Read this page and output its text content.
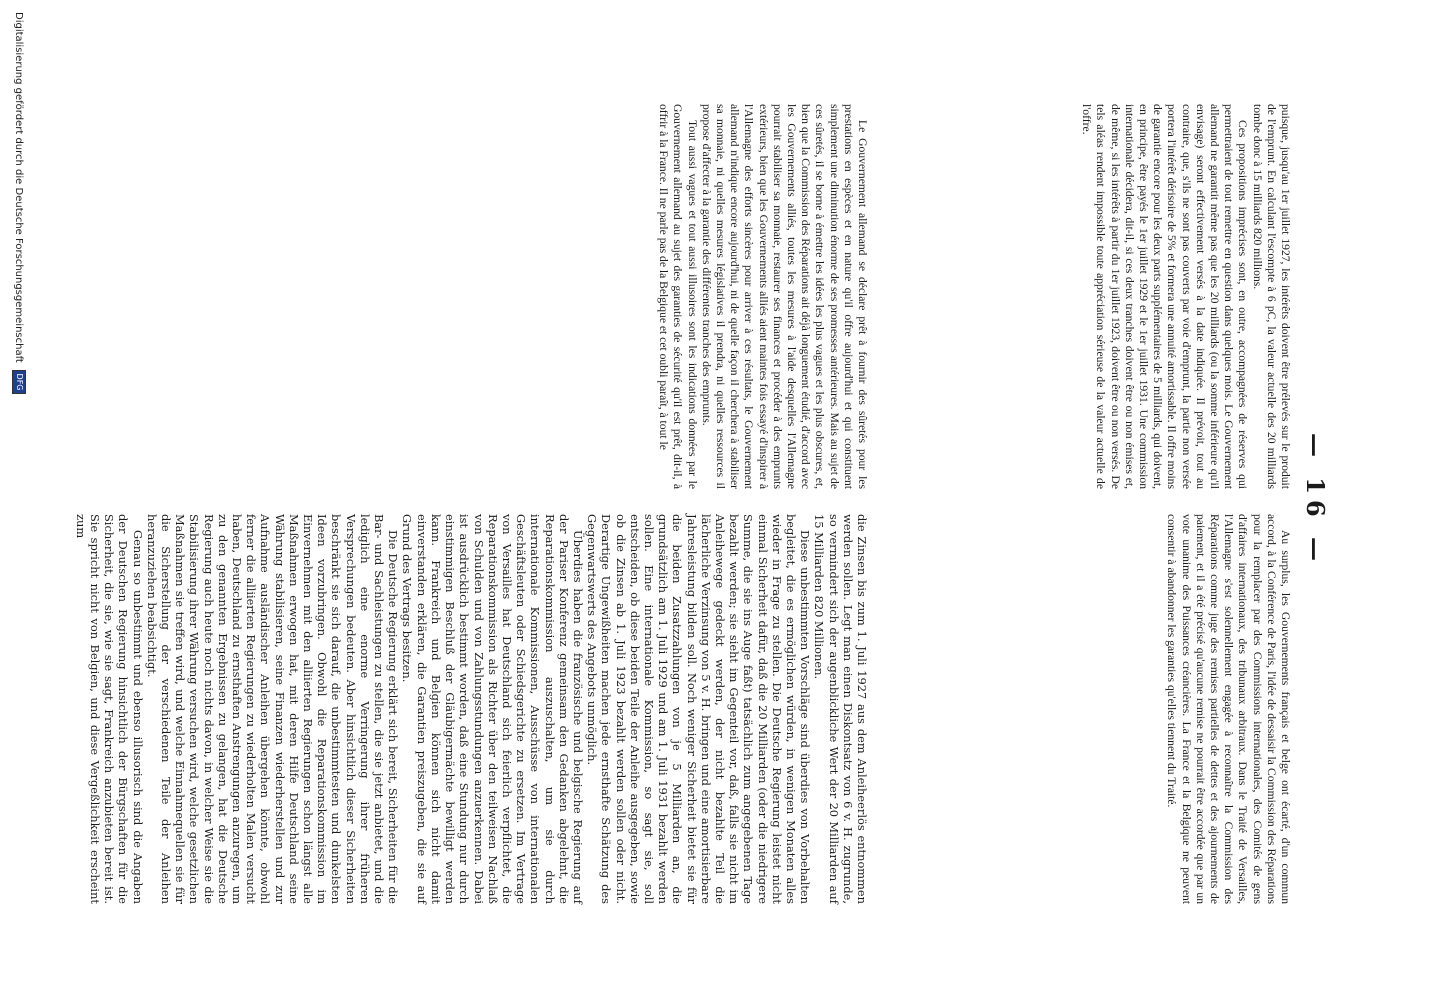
— 16 —

puisque, jusqu'au 1er juillet 1927, les intérêts doivent être prélevés sur le produit de l'emprunt. En calculant l'escompte à 6 pC, la valeur actuelle des 20 milliards tombe donc à 15 milliards 820 millions.

Ces propositions imprécises sont, en outre, accompagnées de réserves qui permettraient de tout remettre en question dans quelques mois. Le Gouvernement allemand ne garantit même pas que les 20 milliards (ou la somme inférieure qu'il envisage) seront effectivement versés à la date indiquée. Il prévoit, tout au contraire, que, s'ils ne sont pas couverts par voie d'emprunt, la partie non versée portera l'intérêt dérisoire de 5% et formera une annuité amortissable. Il offre moins de garantie encore pour les deux parts supplémentaires de 5 milliards, qui doivent, en principe, être payés le 1er juillet 1929 et le 1er juillet 1931. Une commission internationale décidera, dit-il, si ces deux tranches doivent être ou non émises et, de même, si les intérêts à partir du 1er juillet 1923, doivent être ou non versés. De tels aléas rendent impossible toute appréciation sérieuse de la valeur actuelle de l'offre.

Au surplus, les Gouvernements français et belge ont écarté, d'un commun accord, à la Conférence de Paris, l'idée de dessaisir la Commission des Réparations pour la remplacer par des Commissions internationales, des Comités de gens d'affaires internationaux, des tribunaux arbitraux. Dans le Traité de Versailles, l'Allemagne s'est solennellement engagée à reconnaître la Commission des Réparations comme juge des remises partielles de dettes et des ajournements de paiement, et il a été précisé qu'aucune remise ne pourrait être accordée que par un vote unanime des Puissances créancières. La France et la Belgique ne peuvent consentir à abandonner les garanties qu'elles tiennent du Traité.

Le Gouvernement allemand se déclare prêt à fournir des sûretés pour les prestations en espèces et en nature qu'il offre aujourd'hui et qui constituent simplement une diminution énorme de ses promesses antérieures. Mais au sujet de ces sûretés, il se borne à émettre les idées les plus vagues et les plus obscures, et, bien que la Commission des Réparations ait déjà longuement étudié, d'accord avec les Gouvernements alliés, toutes les mesures à l'aide desquelles l'Allemagne pourrait stabiliser sa monnaie, restaurer ses finances et procéder à des emprunts extérieurs, bien que les Gouvernements alliés aient maintes fois essayé d'inspirer à l'Allemagne des efforts sincères pour arriver à ces résultats, le Gouvernement allemand n'indique encore aujourd'hui, ni de quelle façon il cherchera à stabiliser sa monnaie, ni quelles mesures législatives il prendra, ni quelles ressources il propose d'affecter à la garantie des différentes tranches des emprunts.

Tout aussi vagues et tout aussi illusoires sont les indications données par le Gouvernement allemand au sujet des garanties de sécurité qu'il est prêt, dit-il, à offrir à la France. Il ne parle pas de la Belgique et cet oubli paraît, à tout le

die Zinsen bis zum 1. Juli 1927 aus dem Anleiheerlös entnommen werden sollen. Legt man einen Diskontsatz von 6 v. H. zugrunde, so vermindert sich der augenblickliche Wert der 20 Milliarden auf 15 Milliarden 820 Millionen.

Diese unbestimmten Vorschläge sind überdies von Vorbehalten begleitet, die es ermöglichen würden, in wenigen Monaten alles wieder in Frage zu stellen. Die Deutsche Regierung leistet nicht einmal Sicherheit dafür, daß die 20 Milliarden (oder die niedrigere Summe, die sie ins Auge faßt) tatsächlich zum angegebenen Tage bezahlt werden; sie sieht im Gegenteil vor, daß, falls sie nicht im Anleihewege gedeckt werden, der nicht bezahlte Teil die lächerliche Verzinsung von 5 v. H. bringen und eine amortisierbare Jahresleistung bilden soll. Noch weniger Sicherheit bietet sie für die beiden Zusatzzahlungen von je 5 Milliarden an, die grundsätzlich am 1. Juli 1929 und am 1. Juli 1931 bezahlt werden sollen. Eine internationale Kommission, so sagt sie, soll entscheiden, ob diese beiden Teile der Anleihe ausgegeben, sowie ob die Zinsen ab 1. Juli 1923 bezahlt werden sollen oder nicht. Derartige Ungewißheiten machen jede ernsthafte Schätzung des Gegenwartswerts des Angebots unmöglich.

Überdies haben die französische und belgische Regierung auf der Pariser Konferenz gemeinsam den Gedanken abgelehnt, die Reparationskommission auszuschalten, um sie durch internationale Kommissionen, Ausschüsse von internationalen Geschäftsleuten oder Schiedsgerichte zu ersetzen. Im Vertrage von Versailles hat Deutschland sich feierlich verpflichtet, die Reparationskommission als Richter über den teilweisen Nachlaß von Schulden und von Zahlungsstundungen anzuerkennen. Dabei ist ausdrücklich bestimmt worden, daß eine Stundung nur durch einstimmigen Beschluß der Gläubigermächte bewilligt werden kann. Frankreich und Belgien können sich nicht damit einverstanden erklären, die Garantien preiszugeben, die sie auf Grund des Vertrags besitzen.

Die Deutsche Regierung erklärt sich bereit, Sicherheiten für die Bar- und Sachleistungen zu stellen, die sie jetzt anbietet, und die lediglich eine enorme Verringerung ihrer früheren Versprechungen bedeuten. Aber hinsichtlich dieser Sicherheiten beschränkt sie sich darauf, die unbestimmtesten und dunkelsten Ideen vorzubringen. Obwohl die Reparationskommission im Einvernehmen mit den alliierten Regierungen schon längst alle Maßnahmen erwogen hat, mit deren Hilfe Deutschland seine Währung stabilisieren, seine Finanzen wiederherstellen und zur Aufnahme ausländischer Anleihen übergehen könnte, obwohl ferner die alliierten Regierungen zu wiederholten Malen versucht haben, Deutschland zu ernsthaften Anstrengungen anzuregen, um zu den genannten Ergebnissen zu gelangen, hat die Deutsche Regierung auch heute noch nichts davon, in welcher Weise sie die Stabilisierung ihrer Währung versuchen wird, welche gesetzlichen Maßnahmen sie treffen wird, und welche Einnahmequellen sie für die Sicherstellung der verschiedenen Teile der Anleihen heranzuziehen beabsichtigt.

Genau so unbestimmt und ebenso illusorisch sind die Angaben der Deutschen Regierung hinsichtlich der Bürgschaften für die Sicherheit, die sie, wie sie sagt, Frankreich anzubieten bereit ist. Sie spricht nicht von Belgien, und diese Vergeßlichkeit erscheint zum

Digitalisierung gefördert durch die Deutsche Forschungsgemeinschaft DFG
